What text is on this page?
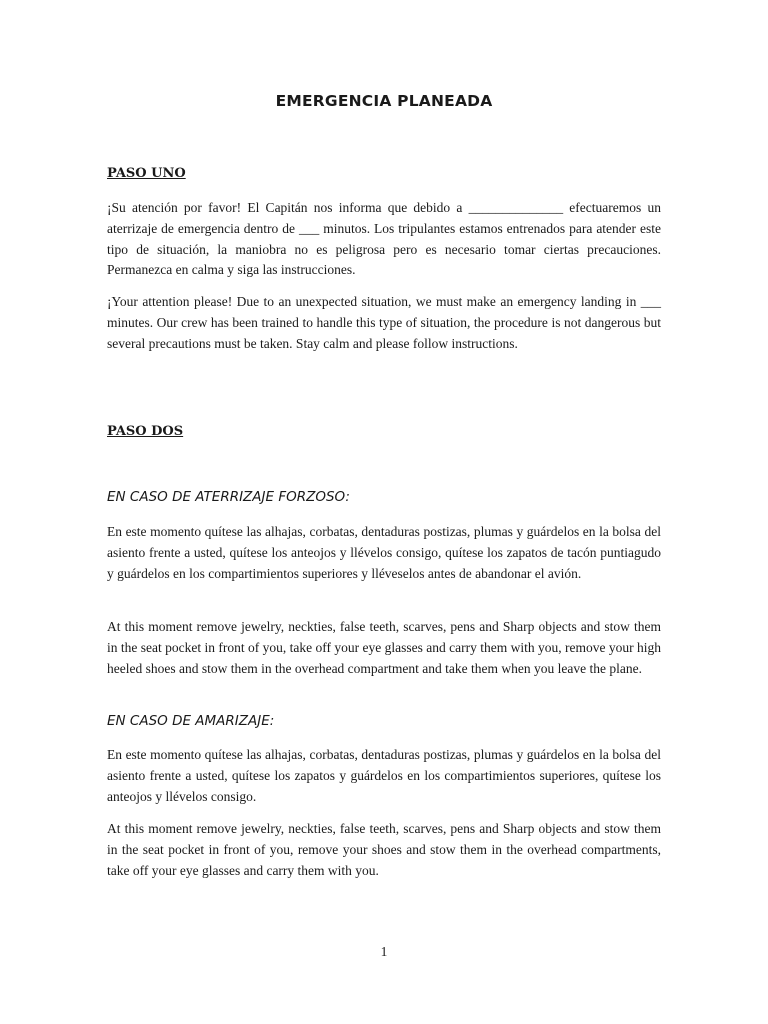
EMERGENCIA PLANEADA
PASO UNO

¡Su atención por favor! El Capitán nos informa que debido a ______________ efectuaremos un aterrizaje de emergencia dentro de ___ minutos. Los tripulantes estamos entrenados para atender este tipo de situación, la maniobra no es peligrosa pero es necesario tomar ciertas precauciones. Permanezca en calma y siga las instrucciones.

¡Your attention please! Due to an unexpected situation, we must make an emergency landing in ___ minutes. Our crew has been trained to handle this type of situation, the procedure is not dangerous but several precautions must be taken. Stay calm and please follow instructions.

PASO DOS
EN CASO DE ATERRIZAJE FORZOSO:

En este momento quítese las alhajas, corbatas, dentaduras postizas, plumas y guárdelos en la bolsa del asiento frente a usted, quítese los anteojos y llévelos consigo, quítese los zapatos de tacón puntiagudo y guárdelos en los compartimientos superiores y lléveselos antes de abandonar el avión.

At this moment remove jewelry, neckties, false teeth, scarves, pens and Sharp objects and stow them in the seat pocket in front of you, take off your eye glasses and carry them with you, remove your high heeled shoes and stow them in the overhead compartment and take them when you leave the plane.

EN CASO DE AMARIZAJE:

En este momento quítese las alhajas, corbatas, dentaduras postizas, plumas y guárdelos en la bolsa del asiento frente a usted, quítese los zapatos y guárdelos en los compartimientos superiores, quítese los anteojos y llévelos consigo.

At this moment remove jewelry, neckties, false teeth, scarves, pens and Sharp objects and stow them in the seat pocket in front of you, remove your shoes and stow them in the overhead compartments, take off your eye glasses and carry them with you.

1
